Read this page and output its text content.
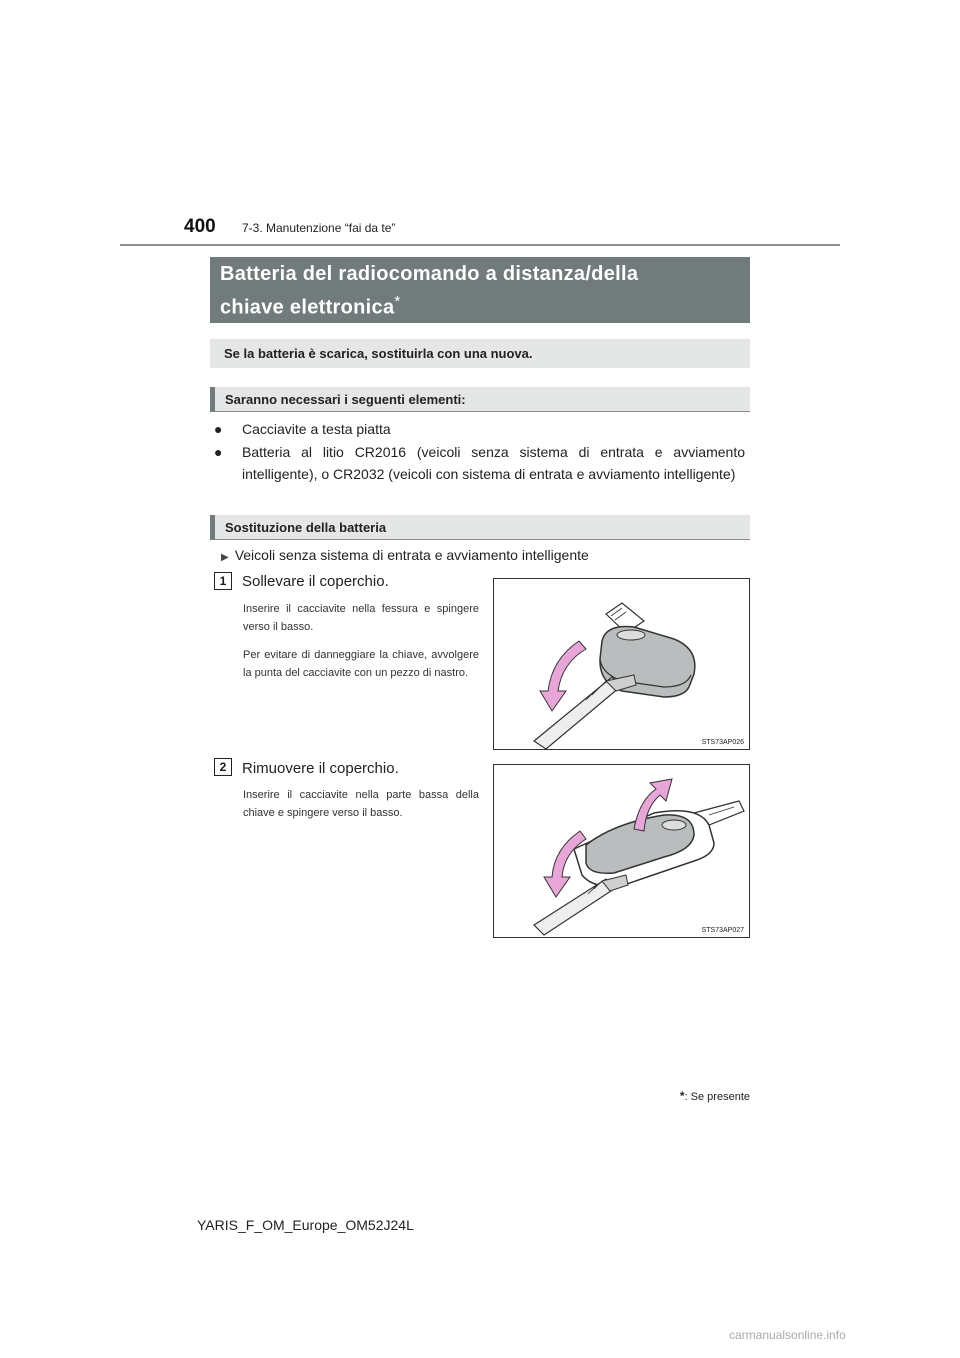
400 7-3. Manutenzione “fai da te”
Batteria del radiocomando a distanza/della
chiave elettronica*
Se la batteria è scarica, sostituirla con una nuova.
Saranno necessari i seguenti elementi:
● Cacciavite a testa piatta
● Batteria al litio CR2016 (veicoli senza sistema di entrata e avviamento intelligente), o CR2032 (veicoli con sistema di entrata e avviamento intelligente)
Sostituzione della batteria
▶ Veicoli senza sistema di entrata e avviamento intelligente
1	Sollevare il coperchio.
Inserire il cacciavite nella fessura e spingere verso il basso.
Per evitare di danneggiare la chiave, avvolgere la punta del cacciavite con un pezzo di nastro.
STS73AP026
2	Rimuovere il coperchio.
Inserire il cacciavite nella parte bassa della chiave e spingere verso il basso.
STS73AP027
*: Se presente
YARIS_F_OM_Europe_OM52J24L
carmanualsonline.info
